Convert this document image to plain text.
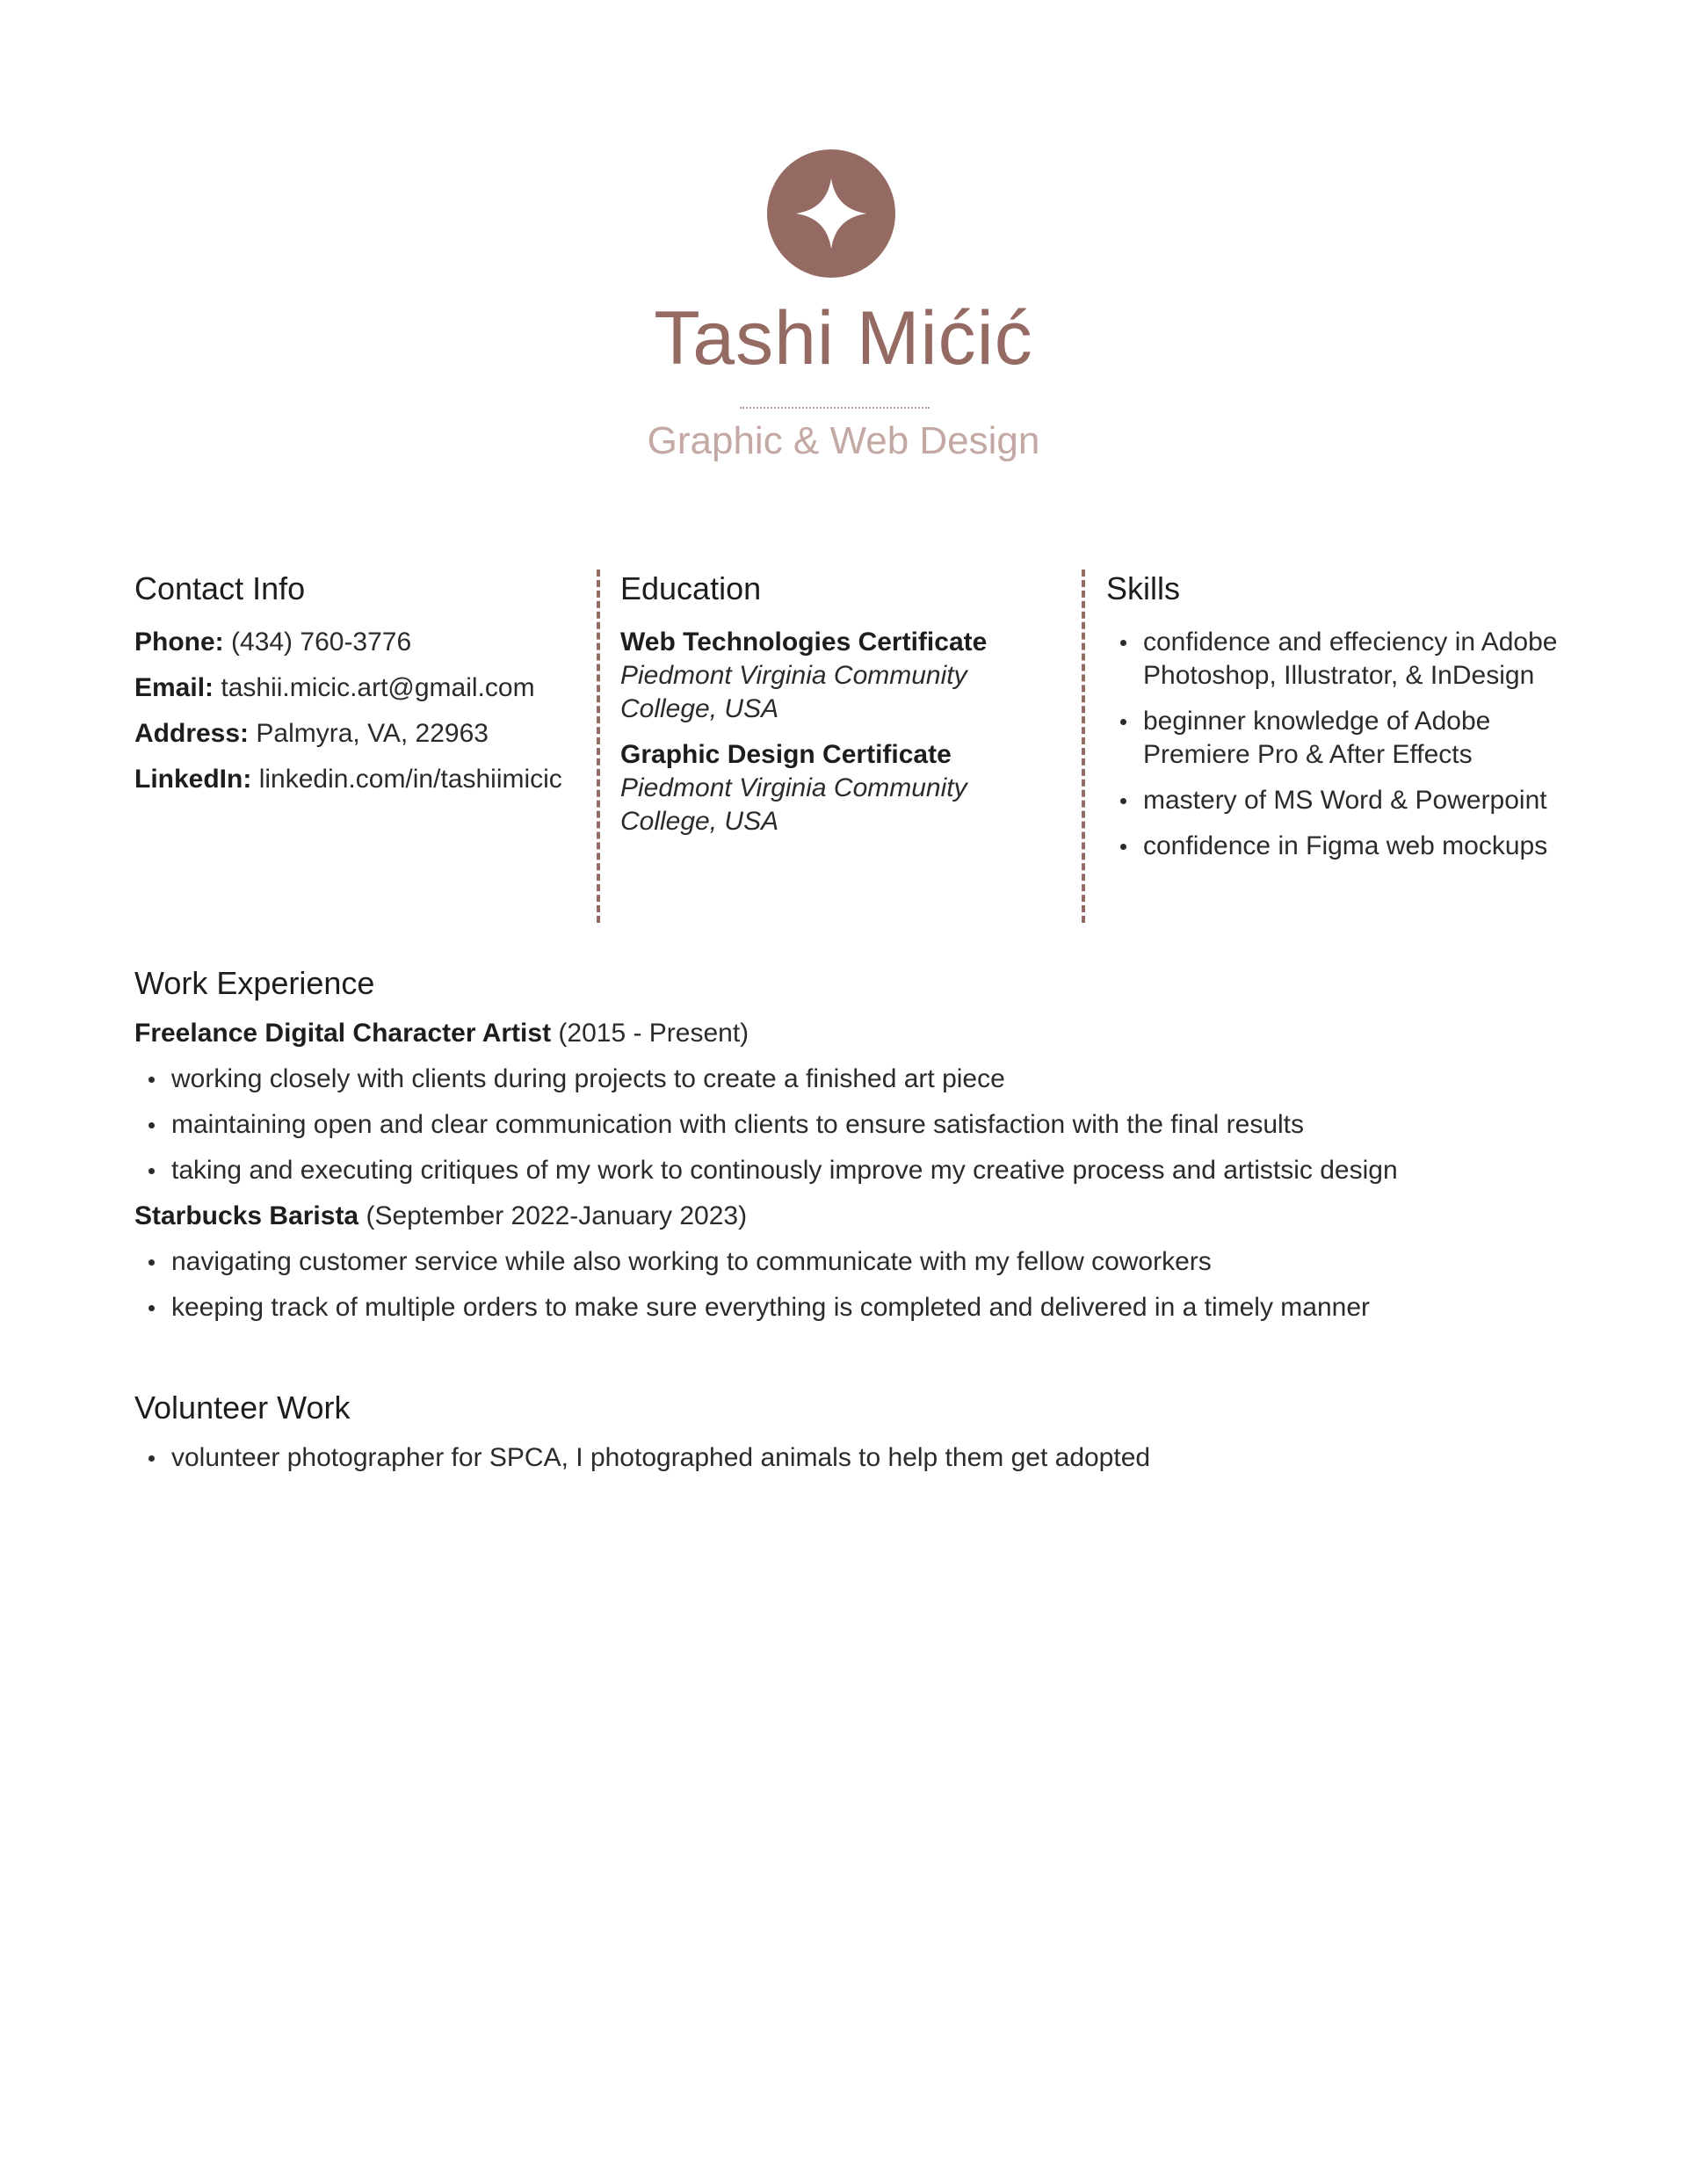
Tashi Mićić
Graphic & Web Design
Contact Info
Phone: (434) 760-3776
Email: tashii.micic.art@gmail.com
Address: Palmyra, VA, 22963
LinkedIn: linkedin.com/in/tashiimicic
Education
Web Technologies Certificate
Piedmont Virginia Community College, USA
Graphic Design Certificate
Piedmont Virginia Community College, USA
Skills
confidence and effeciency in Adobe Photoshop, Illustrator, & InDesign
beginner knowledge of Adobe Premiere Pro & After Effects
mastery of MS Word & Powerpoint
confidence in Figma web mockups
Work Experience
Freelance Digital Character Artist (2015 - Present)
working closely with clients during projects to create a finished art piece
maintaining open and clear communication with clients to ensure satisfaction with the final results
taking and executing critiques of my work to continously improve my creative process and artistsic design
Starbucks Barista (September 2022-January 2023)
navigating customer service while also working to communicate with my fellow coworkers
keeping track of multiple orders to make sure everything is completed and delivered in a timely manner
Volunteer Work
volunteer photographer for SPCA, I photographed animals to help them get adopted
